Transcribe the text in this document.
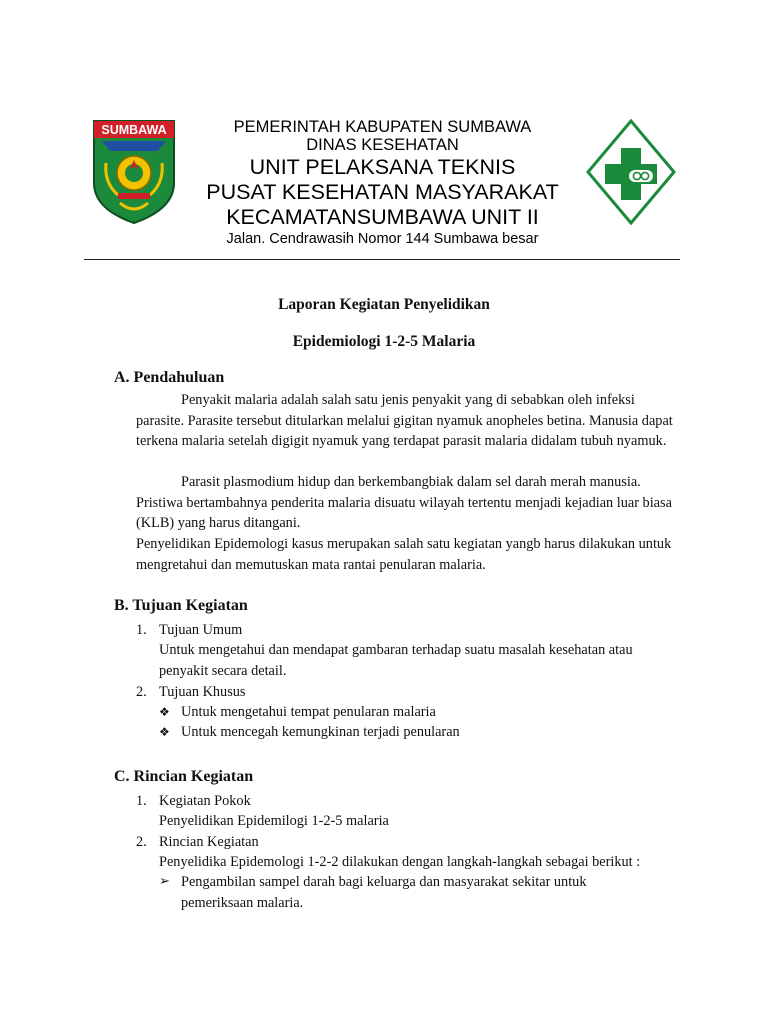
SUMBAWA	PEMERINTAH KABUPATEN SUMBAWA
DINAS KESEHATAN
UNIT PELAKSANA TEKNIS
PUSAT KESEHATAN MASYARAKAT
KECAMATANSUMBAWA UNIT II
Jalan. Cendrawasih Nomor 144 Sumbawa besar
Laporan Kegiatan Penyelidikan
Epidemiologi 1-2-5 Malaria
A. Pendahuluan

Penyakit malaria adalah salah satu jenis penyakit yang di sebabkan oleh infeksi parasite. Parasite tersebut ditularkan melalui gigitan nyamuk anopheles betina. Manusia dapat terkena malaria setelah digigit nyamuk yang terdapat parasit malaria didalam tubuh nyamuk.

Parasit plasmodium hidup dan berkembangbiak dalam sel darah merah manusia. Pristiwa bertambahnya penderita malaria disuatu wilayah tertentu menjadi kejadian luar biasa (KLB) yang harus ditangani.

Penyelidikan Epidemologi kasus merupakan salah satu kegiatan yangb harus dilakukan untuk mengretahui dan memutuskan mata rantai penularan malaria.

B. Tujuan Kegiatan
1. Tujuan Umum
Untuk mengetahui dan mendapat gambaran terhadap suatu masalah kesehatan atau penyakit secara detail.
2. Tujuan Khusus
❖ Untuk mengetahui tempat penularan malaria
❖ Untuk mencegah kemungkinan terjadi penularan
C. Rincian Kegiatan
1. Kegiatan Pokok
Penyelidikan Epidemilogi 1-2-5 malaria
2. Rincian Kegiatan
Penyelidika Epidemologi 1-2-2 dilakukan dengan langkah-langkah sebagai berikut :
➢ Pengambilan sampel darah bagi keluarga dan masyarakat sekitar untuk pemeriksaan malaria.
